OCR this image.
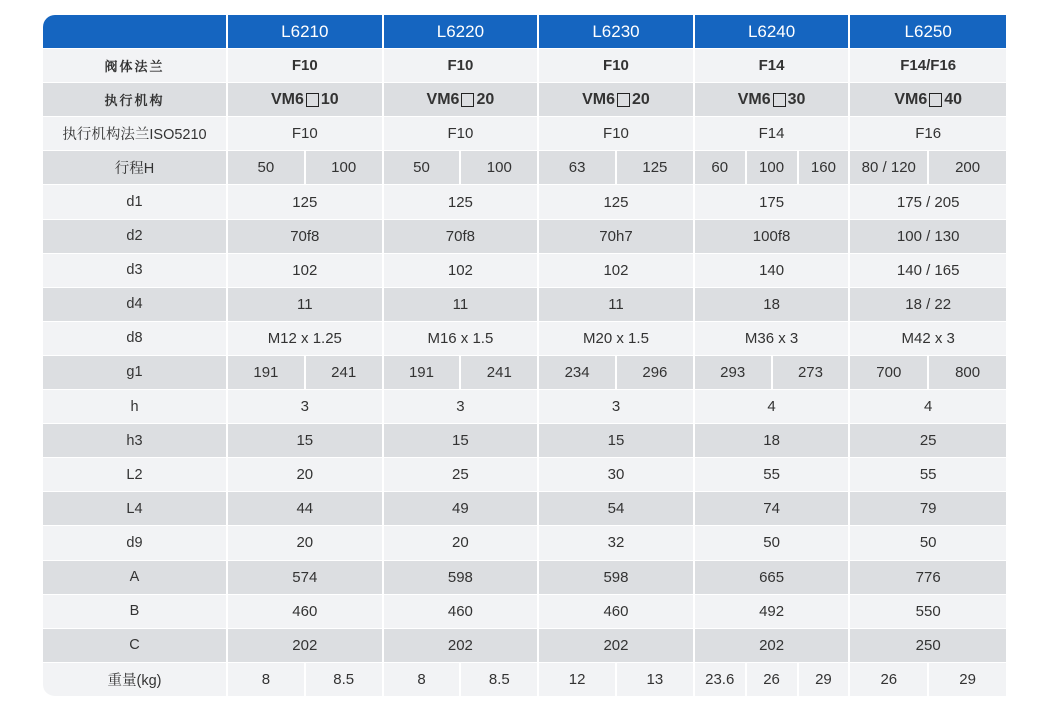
	L6210	L6220	L6230	L6240	L6250
阀体法兰	F10	F10	F10	F14	F14/F16
执行机构	VM6 10	VM6 20	VM6 20	VM6 30	VM6 40

执行机构法兰ISO5210	F10	F10	F10	F14	F16
行程H	50 100	50 100	63 125	60 100 160	80 / 120 200

d1	125	125	125	175	175 / 205
d2	70f8	70f8	70h7	100f8	100 / 130
d3	102	102	102	140	140 / 165
d4	11	11	11	18	18 / 22
d8	M12 x 1.25	M16 x 1.5	M20 x 1.5	M36 x 3	M42 x 3
g1	191 241	191 241	234 296	293 273	700 800

h	3	3	3	4	4
h3	15	15	15	18	25
L2	20	25	30	55	55
L4	44	49	54	74	79
d9	20	20	32	50	50
A	574	598	598	665	776
B	460	460	460	492	550
C	202	202	202	202	250
重量(kg)	8 8.5	8 8.5	12 13	23.6 26 29	26 29
